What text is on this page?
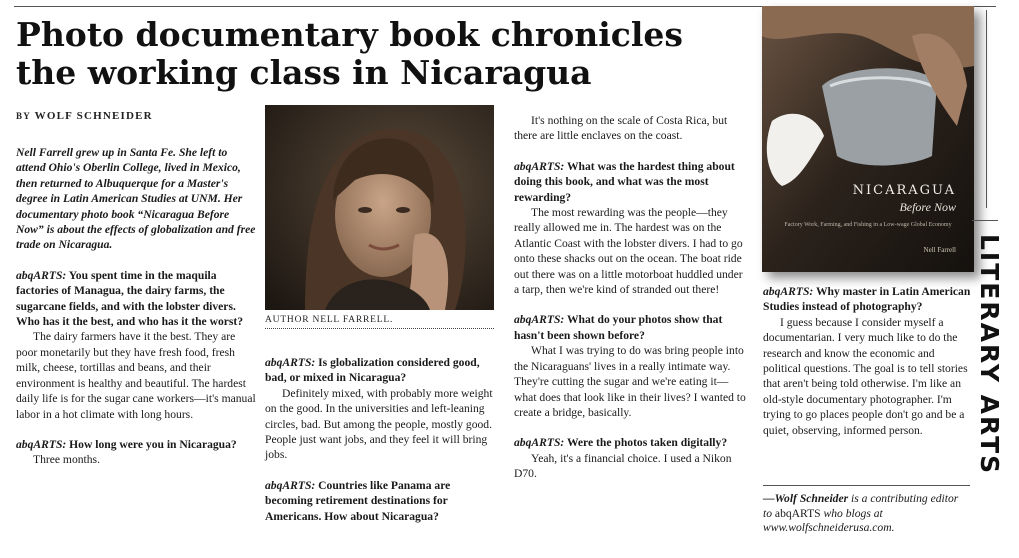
Photo documentary book chronicles
the working class in Nicaragua
BY WOLF SCHNEIDER

Nell Farrell grew up in Santa Fe. She left to attend Ohio's Oberlin College, lived in Mexico, then returned to Albuquerque for a Master's degree in Latin American Studies at UNM. Her documentary photo book “Nicaragua Before Now” is about the effects of globalization and free trade on Nicaragua.

abqARTS: You spent time in the maquila factories of Managua, the dairy farms, the sugarcane fields, and with the lobster divers. Who has it the best, and who has it the worst?

The dairy farmers have it the best. They are poor monetarily but they have fresh food, fresh milk, cheese, tortillas and beans, and their environment is healthy and beautiful. The hardest daily life is for the sugar cane workers—it's manual labor in a hot climate with long hours.

abqARTS: How long were you in Nicaragua?

Three months.

AUTHOR NELL FARRELL.

abqARTS: Is globalization considered good, bad, or mixed in Nicaragua?

Definitely mixed, with probably more weight on the good. In the universities and left-leaning circles, bad. But among the people, mostly good. People just want jobs, and they feel it will bring jobs.

abqARTS: Countries like Panama are becoming retirement destinations for Americans. How about Nicaragua?

It's nothing on the scale of Costa Rica, but there are little enclaves on the coast.

abqARTS: What was the hardest thing about doing this book, and what was the most rewarding?

The most rewarding was the people—they really allowed me in. The hardest was on the Atlantic Coast with the lobster divers. I had to go onto these shacks out on the ocean. The boat ride out there was on a little motorboat huddled under a tarp, then we're kind of stranded out there!

abqARTS: What do your photos show that hasn't been shown before?

What I was trying to do was bring people into the Nicaraguans' lives in a really intimate way. They're cutting the sugar and we're eating it—what does that look like in their lives? I wanted to create a bridge, basically.

abqARTS: Were the photos taken digitally?

Yeah, it's a financial choice. I used a Nikon D70.

NICARAGUA
Before Now
Factory Work, Farming, and Fishing in a Low-wage Global Economy
Nell Farrell

abqARTS: Why master in Latin American Studies instead of photography?

I guess because I consider myself a documentarian. I very much like to do the research and know the economic and political questions. The goal is to tell stories that aren't being told otherwise. I'm like an old-style documentary photographer. I'm trying to go places people don't go and be a quiet, observing, informed person.

—Wolf Schneider is a contributing editor to abqARTS who blogs at www.wolfschneiderusa.com.
LITERARY ARTS
